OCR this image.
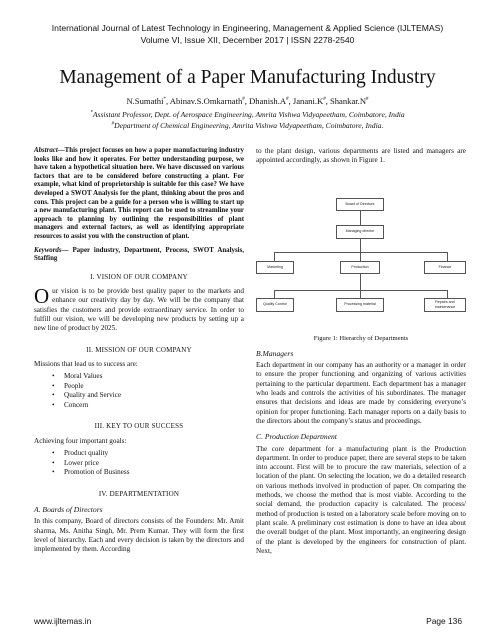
International Journal of Latest Technology in Engineering, Management & Applied Science (IJLTEMAS)
Volume VI, Issue XII, December 2017 | ISSN 2278-2540
Management of a Paper Manufacturing Industry
N.Sumathi*, Abinav.S.Omkarnath#, Dhanish.A#, Janani.K#, Shankar.N#
*Assistant Professor, Dept. of Aerospace Engineering, Amrita Vishwa Vidyapeetham, Coimbatore, India
#Department of Chemical Engineering, Amrita Vishwa Vidyapeetham, Coimbatore, India.
Abstract—This project focuses on how a paper manufacturing industry looks like and how it operates. For better understanding purpose, we have taken a hypothetical situation here. We have discussed on various factors that are to be considered before constructing a plant. For example, what kind of proprietorship is suitable for this case? We have developed a SWOT Analysis for the plant, thinking about the pros and cons. This project can be a guide for a person who is willing to start up a new manufacturing plant. This report can be used to streamline your approach to planning by outlining the responsibilities of plant managers and external factors, as well as identifying appropriate resources to assist you with the construction of plant.
Keywords— Paper industry, Department, Process, SWOT Analysis, Staffing
I. VISION OF OUR COMPANY

Our vision is to be provide best quality paper to the markets and enhance our creativity day by day. We will be the company that satisfies the customers and provide extraordinary service. In order to fulfill our vision, we will be developing new products by setting up a new line of product by 2025.

II. MISSION OF OUR COMPANY

Missions that lead us to success are:

• Moral Values
• People
• Quality and Service
• Concern
III. KEY TO OUR SUCCESS

Achieving four important goals:

• Product quality
• Lower price
• Promotion of Business
IV. DEPARTMENTATION
A. Boards of Directors

In this company, Board of directors consists of the Founders: Mr. Amit sharma, Ms. Anitha Singh, Mr. Prem Kumar. They will form the first level of hierarchy. Each and every decision is taken by the directors and implemented by them. According

to the plant design, various departments are listed and managers are appointed accordingly, as shown in Figure 1.

Board of Directors
Managing director
Marketing	Production	Finance
Quality Control	Processing material
Repairs and maintenance
Figure 1: Hierarchy of Departments
B.Managers

Each department in our company has an authority or a manager in order to ensure the proper functioning and organizing of various activities pertaining to the particular department. Each department has a manager who leads and controls the activities of his subordinates. The manager ensures that decisions and ideas are made by considering everyone’s opinion for proper functioning. Each manager reports on a daily basis to the directors about the company’s status and proceedings.

C. Production Department

The core department for a manufacturing plant is the Production department. In order to produce paper, there are several steps to be taken into account. First will be to procure the raw materials, selection of a location of the plant. On selecting the location, we do a detailed research on various methods involved in production of paper. On comparing the methods, we choose the method that is most viable. According to the social demand, the production capacity is calculated. The process/ method of production is tested on a laboratory scale before moving on to plant scale. A preliminary cost estimation is done to have an idea about the overall budget of the plant. Most importantly, an engineering design of the plant is developed by the engineers for construction of plant. Next,

www.ijltemas.in	Page 136
